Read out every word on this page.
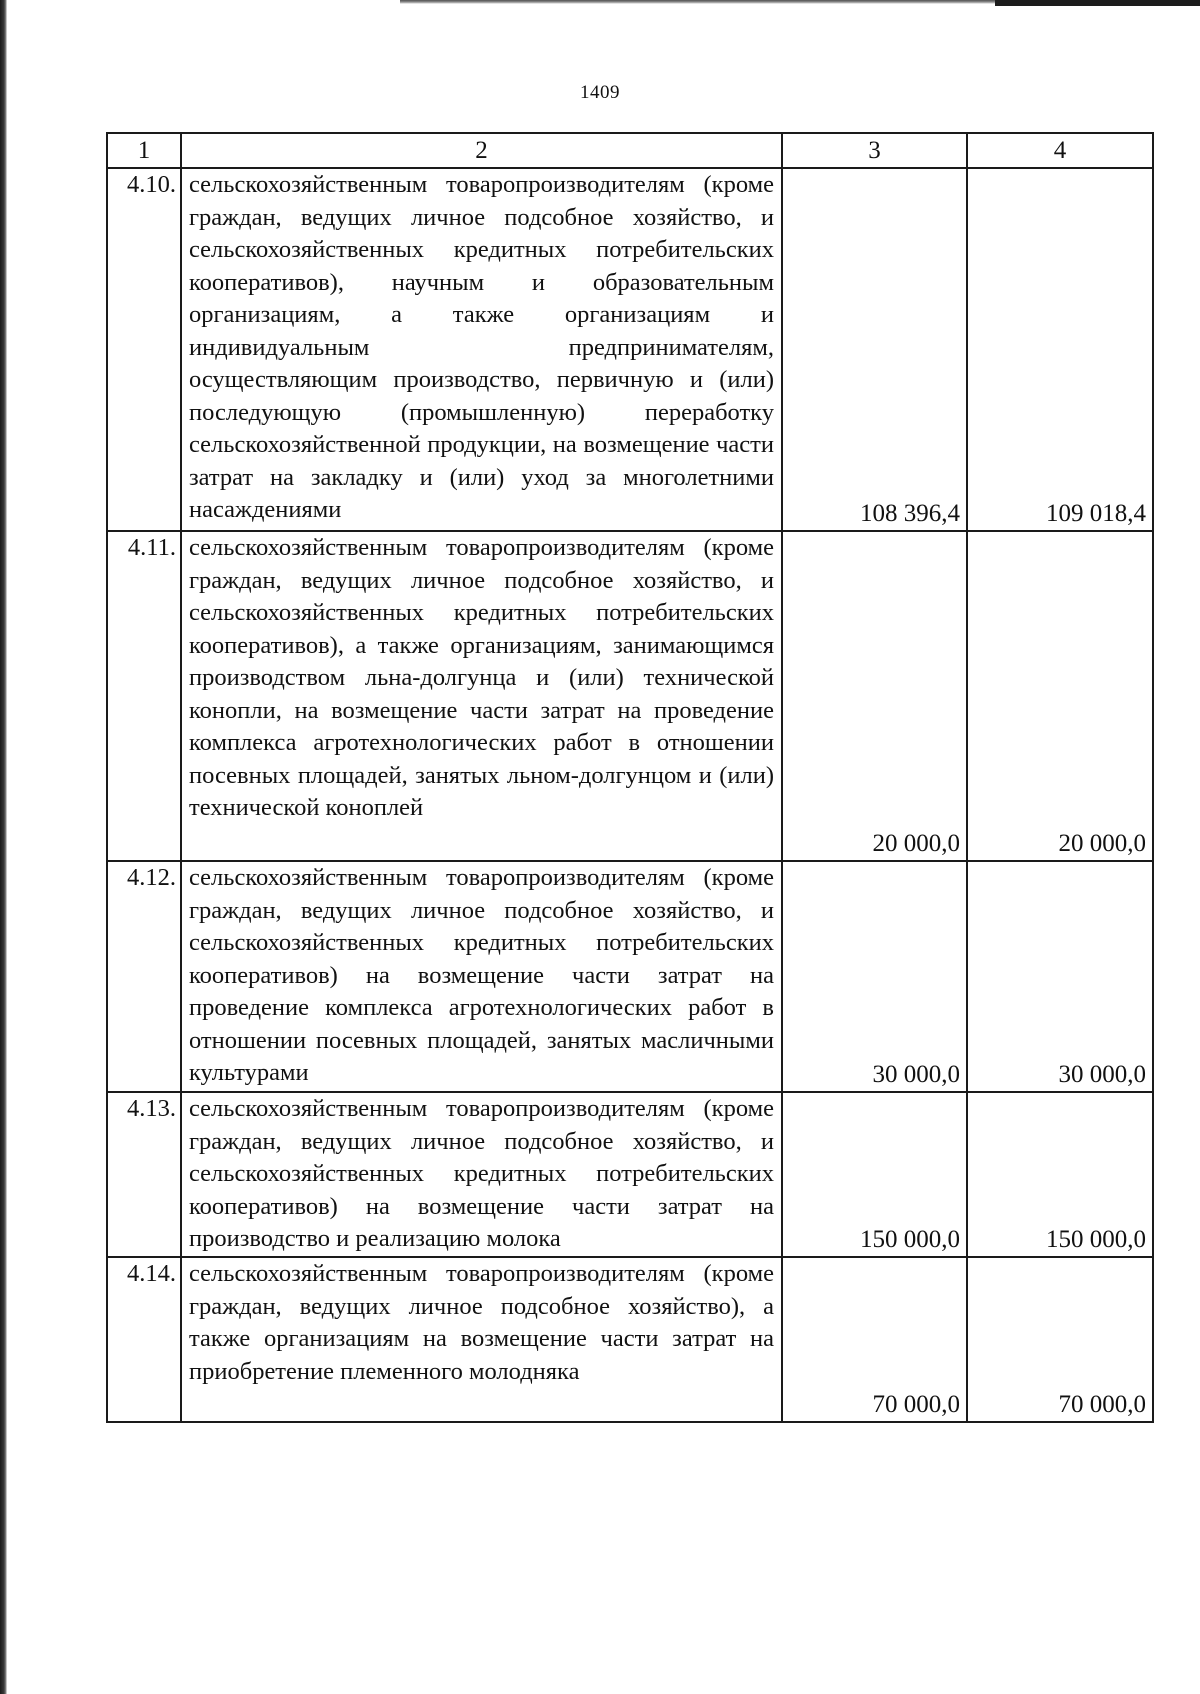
1409
1	2	3	4
4.10.	сельскохозяйственным товаропроизводителям (кроме граждан, ведущих личное подсобное хозяйство, и сельскохозяйственных кредитных потребительских кооперативов), научным и образовательным организациям, а также организациям и индивидуальным предпринимателям, осуществляющим производство, первичную и (или) последующую (промышленную) переработку сельскохозяйственной продукции, на возмещение части затрат на закладку и (или) уход за многолетними насаждениями	108 396,4	109 018,4
4.11.	сельскохозяйственным товаропроизводителям (кроме граждан, ведущих личное подсобное хозяйство, и сельскохозяйственных кредитных потребительских кооперативов), а также организациям, занимающимся производством льна-долгунца и (или) технической конопли, на возмещение части затрат на проведение комплекса агротехнологических работ в отношении посевных площадей, занятых льном-долгунцом и (или) технической коноплей	20 000,0	20 000,0
4.12.	сельскохозяйственным товаропроизводителям (кроме граждан, ведущих личное подсобное хозяйство, и сельскохозяйственных кредитных потребительских кооперативов) на возмещение части затрат на проведение комплекса агротехнологических работ в отношении посевных площадей, занятых масличными культурами	30 000,0	30 000,0
4.13.	сельскохозяйственным товаропроизводителям (кроме граждан, ведущих личное подсобное хозяйство, и сельскохозяйственных кредитных потребительских кооперативов) на возмещение части затрат на производство и реализацию молока	150 000,0	150 000,0
4.14.	сельскохозяйственным товаропроизводителям (кроме граждан, ведущих личное подсобное хозяйство), а также организациям на возмещение части затрат на приобретение племенного молодняка	70 000,0	70 000,0
